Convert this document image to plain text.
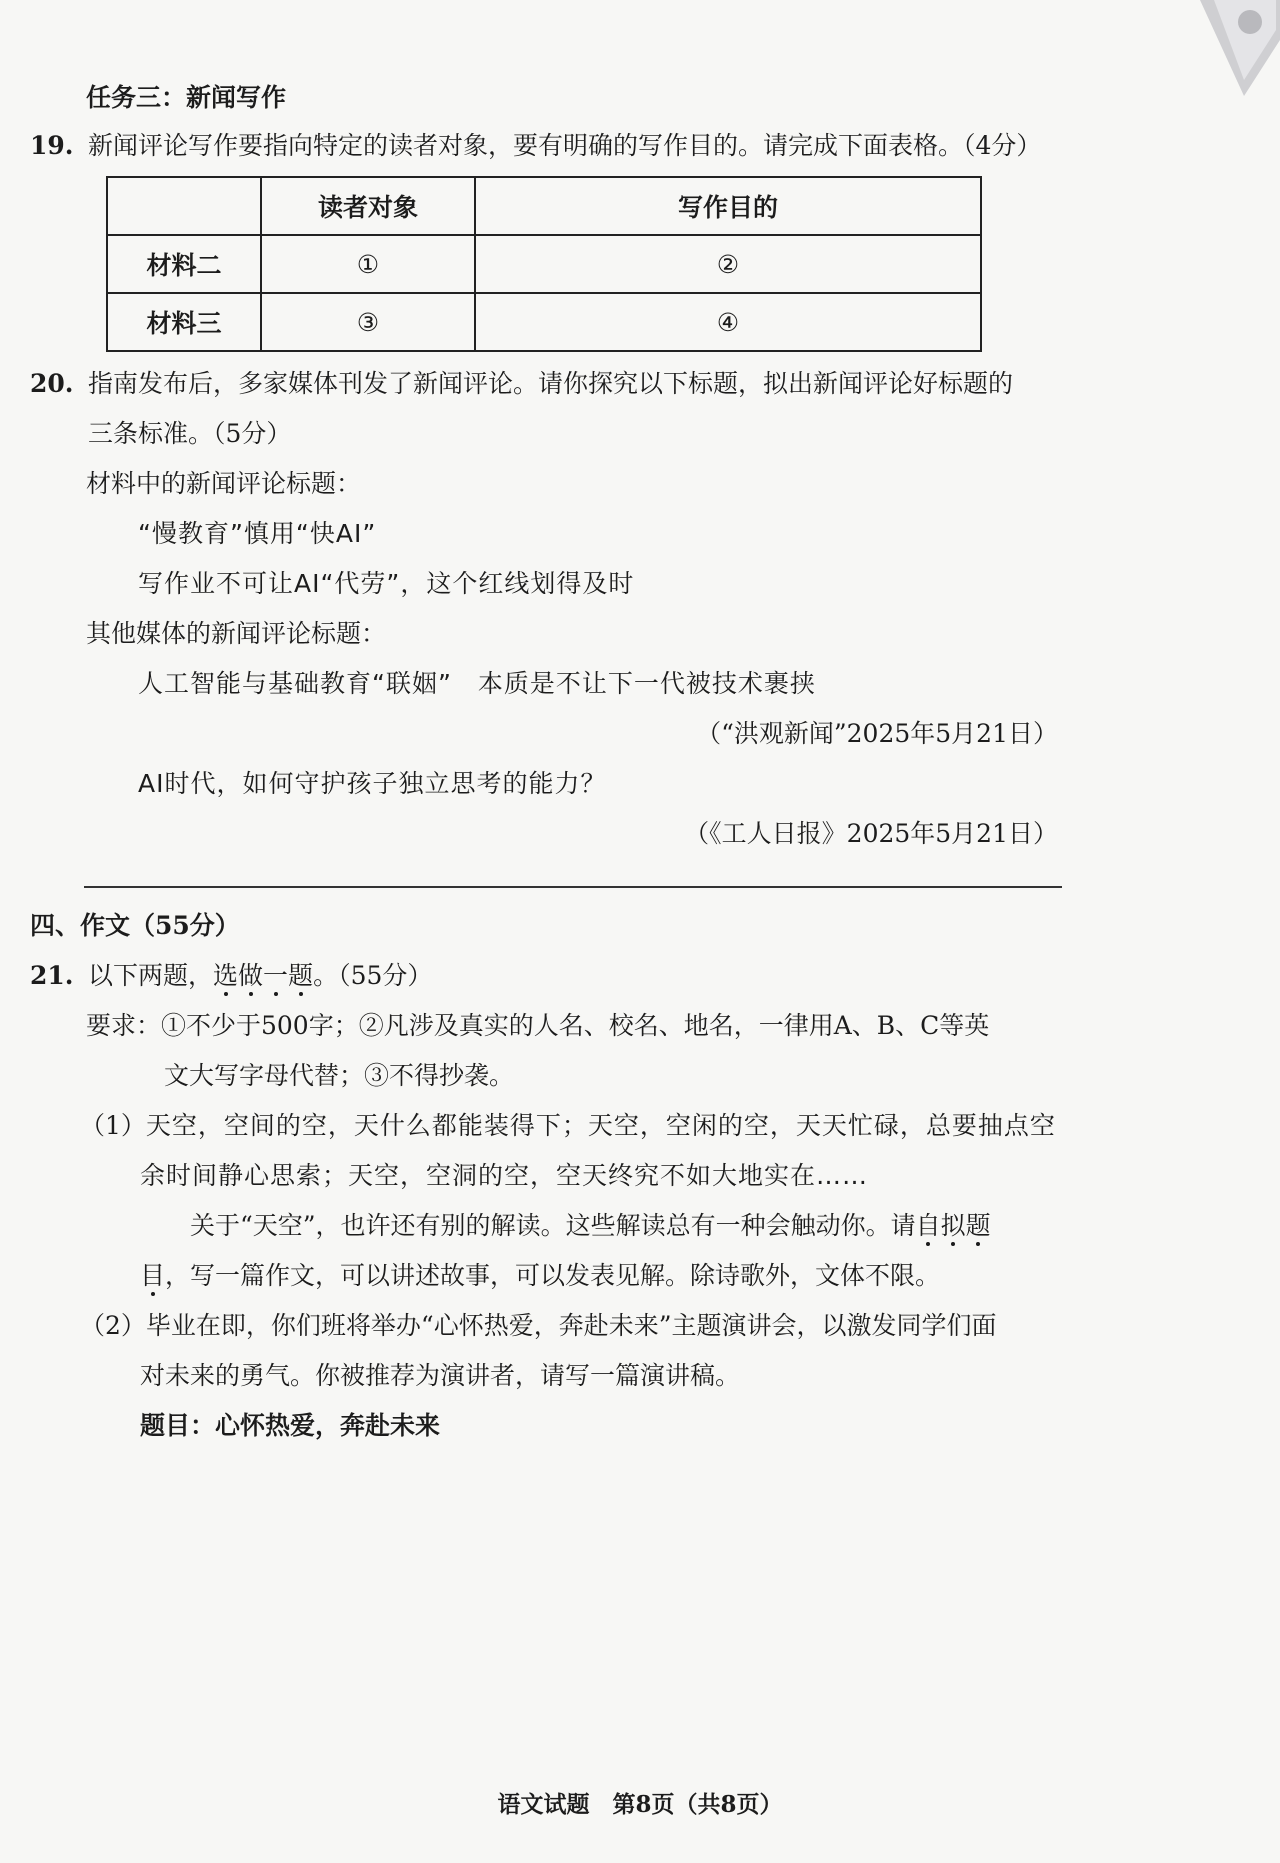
任务三：新闻写作
19. 新闻评论写作要指向特定的读者对象，要有明确的写作目的。请完成下面表格。（4分）
	读者对象	写作目的
材料二	①	②
材料三	③	④
20. 指南发布后，多家媒体刊发了新闻评论。请你探究以下标题，拟出新闻评论好标题的
三条标准。（5分）
材料中的新闻评论标题：
“慢教育”慎用“快AI”
写作业不可让AI“代劳”，这个红线划得及时
其他媒体的新闻评论标题：
人工智能与基础教育“联姻”　本质是不让下一代被技术裹挟
（“洪观新闻”2025年5月21日）
AI时代，如何守护孩子独立思考的能力？
（《工人日报》2025年5月21日）
四、作文（55分）
21. 以下两题，选做一题。（55分）
要求：①不少于500字；②凡涉及真实的人名、校名、地名，一律用A、B、C等英
文大写字母代替；③不得抄袭。
（1）天空，空间的空，天什么都能装得下；天空，空闲的空，天天忙碌，总要抽点空
余时间静心思索；天空，空洞的空，空天终究不如大地实在……
关于“天空”，也许还有别的解读。这些解读总有一种会触动你。请自拟题
目，写一篇作文，可以讲述故事，可以发表见解。除诗歌外，文体不限。
（2）毕业在即，你们班将举办“心怀热爱，奔赴未来”主题演讲会，以激发同学们面
对未来的勇气。你被推荐为演讲者，请写一篇演讲稿。
题目：心怀热爱，奔赴未来
语文试题　第8页（共8页）
